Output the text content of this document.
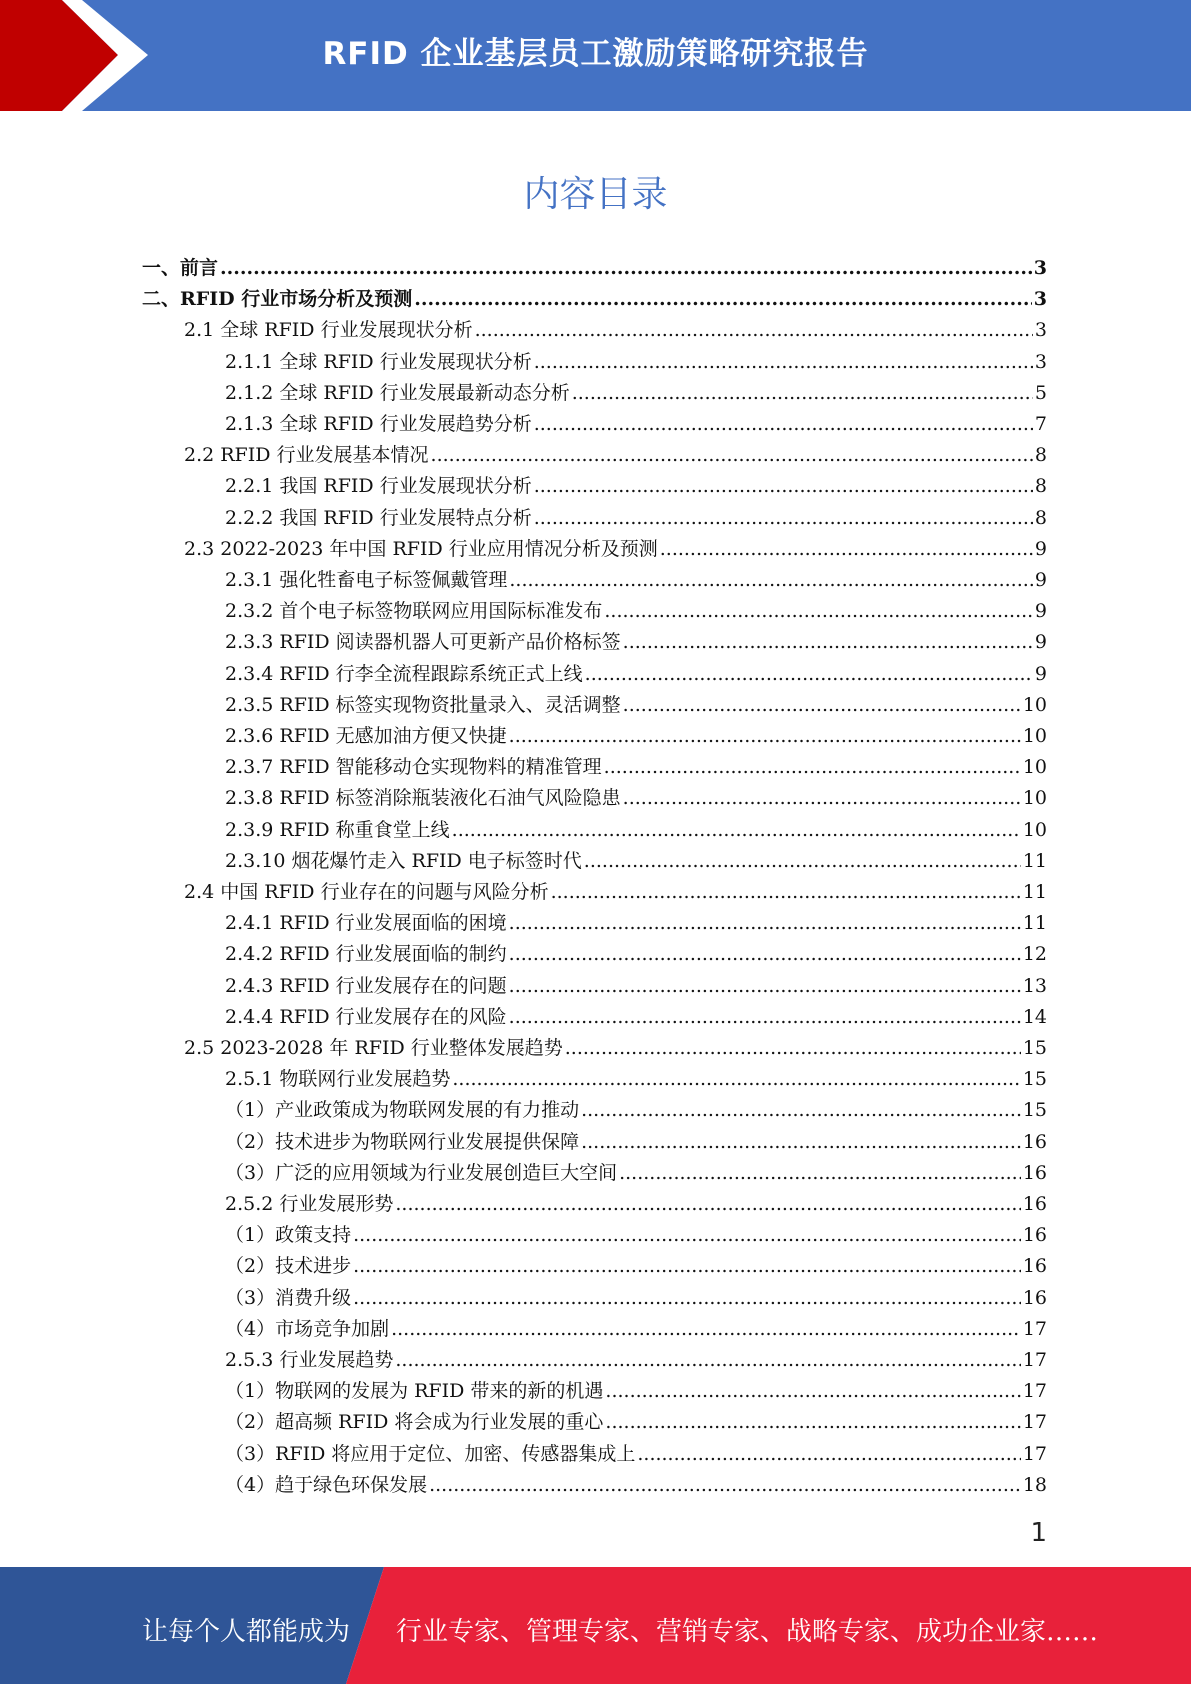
RFID 企业基层员工激励策略研究报告
内容目录
一、前言 .....	3
二、RFID 行业市场分析及预测 .....	3
2.1 全球 RFID 行业发展现状分析 .....	3
2.1.1 全球 RFID 行业发展现状分析 .....	3
2.1.2 全球 RFID 行业发展最新动态分析 .....	5
2.1.3 全球 RFID 行业发展趋势分析 .....	7
2.2 RFID 行业发展基本情况 .....	8
2.2.1 我国 RFID 行业发展现状分析 .....	8
2.2.2 我国 RFID 行业发展特点分析 .....	8
2.3 2022-2023 年中国 RFID 行业应用情况分析及预测 .....	9
2.3.1 强化牲畜电子标签佩戴管理 .....	9
2.3.2 首个电子标签物联网应用国际标准发布 .....	9
2.3.3 RFID 阅读器机器人可更新产品价格标签 .....	9
2.3.4 RFID 行李全流程跟踪系统正式上线 .....	9
2.3.5 RFID 标签实现物资批量录入、灵活调整 .....	10
2.3.6 RFID 无感加油方便又快捷 .....	10
2.3.7 RFID 智能移动仓实现物料的精准管理 .....	10
2.3.8 RFID 标签消除瓶装液化石油气风险隐患 .....	10
2.3.9 RFID 称重食堂上线 .....	10
2.3.10 烟花爆竹走入 RFID 电子标签时代 .....	11
2.4 中国 RFID 行业存在的问题与风险分析 .....	11
2.4.1 RFID 行业发展面临的困境 .....	11
2.4.2 RFID 行业发展面临的制约 .....	12
2.4.3 RFID 行业发展存在的问题 .....	13
2.4.4 RFID 行业发展存在的风险 .....	14
2.5 2023-2028 年 RFID 行业整体发展趋势 .....	15
2.5.1 物联网行业发展趋势 .....	15
（1）产业政策成为物联网发展的有力推动 .....	15
（2）技术进步为物联网行业发展提供保障 .....	16
（3）广泛的应用领域为行业发展创造巨大空间 .....	16
2.5.2 行业发展形势 .....	16
（1）政策支持 .....	16
（2）技术进步 .....	16
（3）消费升级 .....	16
（4）市场竞争加剧 .....	17
2.5.3 行业发展趋势 .....	17
（1）物联网的发展为 RFID 带来的新的机遇 .....	17
（2）超高频 RFID 将会成为行业发展的重心 .....	17
（3）RFID 将应用于定位、加密、传感器集成上 .....	17
（4）趋于绿色环保发展 .....	18
1
让每个人都能成为 行业专家、管理专家、营销专家、战略专家、成功企业家……
